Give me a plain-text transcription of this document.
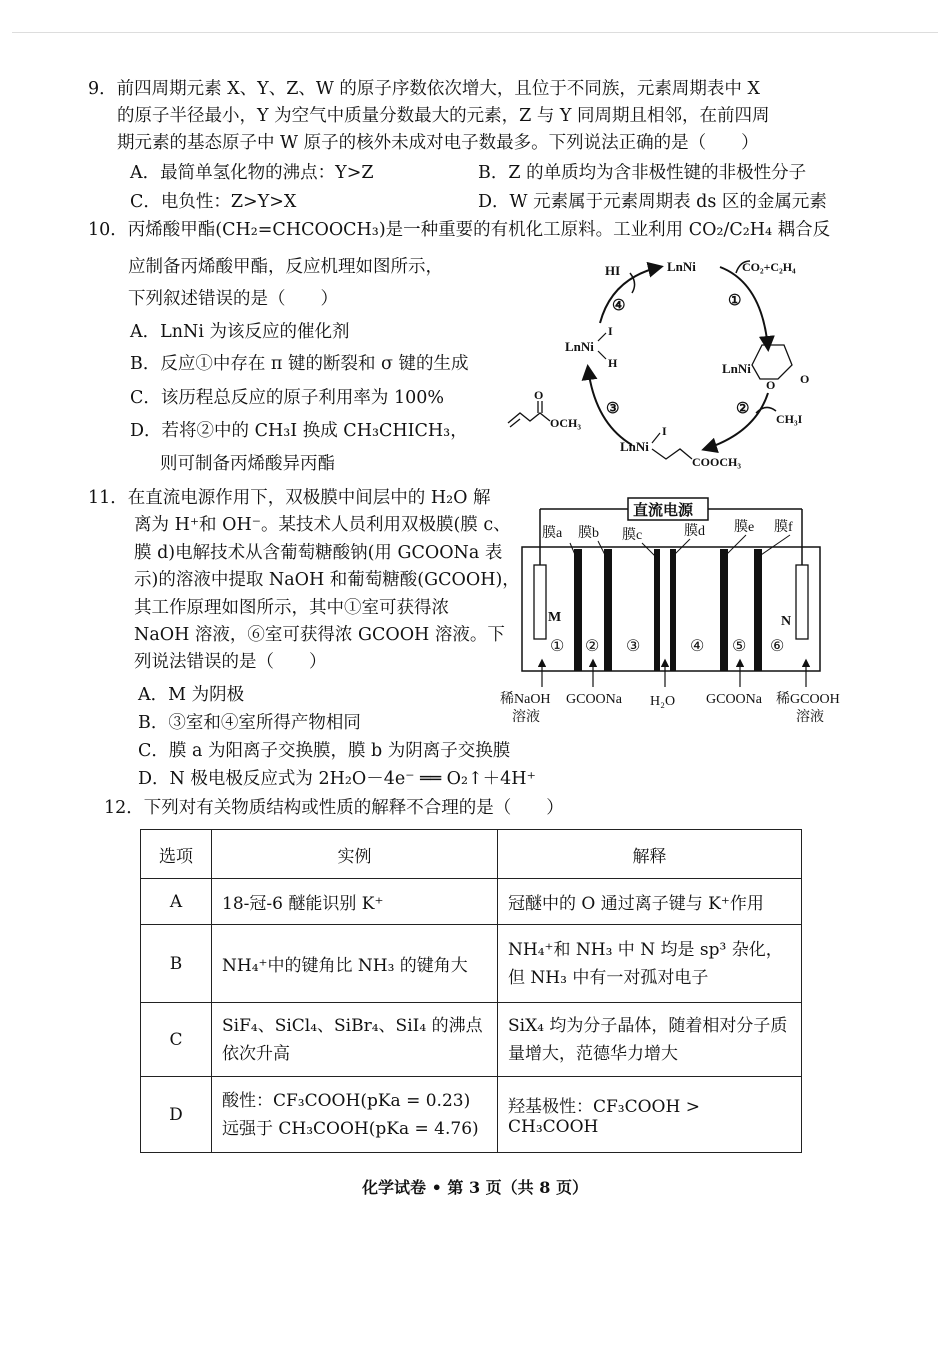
9．前四周期元素 X、Y、Z、W 的原子序数依次增大，且位于不同族，元素周期表中 X
的原子半径最小，Y 为空气中质量分数最大的元素，Z 与 Y 同周期且相邻，在前四周
期元素的基态原子中 W 原子的核外未成对电子数最多。下列说法正确的是（　　）
A．最简单氢化物的沸点：Y>Z	B．Z 的单质均为含非极性键的非极性分子
C．电负性：Z>Y>X	D．W 元素属于元素周期表 ds 区的金属元素
10．丙烯酸甲酯(CH₂=CHCOOCH₃)是一种重要的有机化工原料。工业利用 CO₂/C₂H₄ 耦合反
应制备丙烯酸甲酯，反应机理如图所示，
下列叙述错误的是（　　）
A．LnNi 为该反应的催化剂
B．反应①中存在 π 键的断裂和 σ 键的生成
C．该历程总反应的原子利用率为 100%
D．若将②中的 CH₃I 换成 CH₃CHICH₃，
则可制备丙烯酸异丙酯
LnNi	CO₂+C₂H₄
HI
①
④
②
③
LnNi
I
H	LnNi
O O
CH₃I
LnNi
I
COOCH₃
O
OCH₃
11．在直流电源作用下，双极膜中间层中的 H₂O 解
离为 H⁺和 OH⁻。某技术人员利用双极膜(膜 c、
膜 d)电解技术从含葡萄糖酸钠(用 GCOONa 表
示)的溶液中提取 NaOH 和葡萄糖酸(GCOOH)，
其工作原理如图所示，其中①室可获得浓
NaOH 溶液，⑥室可获得浓 GCOOH 溶液。下
列说法错误的是（　　）
A．M 为阴极
B．③室和④室所得产物相同
C．膜 a 为阳离子交换膜，膜 b 为阴离子交换膜
D．N 极电极反应式为 2H₂O－4e⁻ ══ O₂↑＋4H⁺
直流电源
M	N
膜a 膜b 膜c	膜d 膜e 膜f
① ② ③	④ ⑤ ⑥
稀NaOH
溶液
GCOONa H₂O GCOONa 稀GCOOH
溶液
12．下列对有关物质结构或性质的解释不合理的是（　　）
选项	实例	解释
A	18-冠-6 醚能识别 K⁺	冠醚中的 O 通过离子键与 K⁺作用
B	NH₄⁺中的键角比 NH₃ 的键角大	NH₄⁺和 NH₃ 中 N 均是 sp³ 杂化，但 NH₃ 中有一对孤对电子
C	SiF₄、SiCl₄、SiBr₄、SiI₄ 的沸点依次升高	SiX₄ 均为分子晶体，随着相对分子质量增大，范德华力增大
D	酸性：CF₃COOH(pKa = 0.23) 远强于 CH₃COOH(pKa = 4.76)	羟基极性：CF₃COOH > CH₃COOH
化学试卷 • 第 3 页（共 8 页）
